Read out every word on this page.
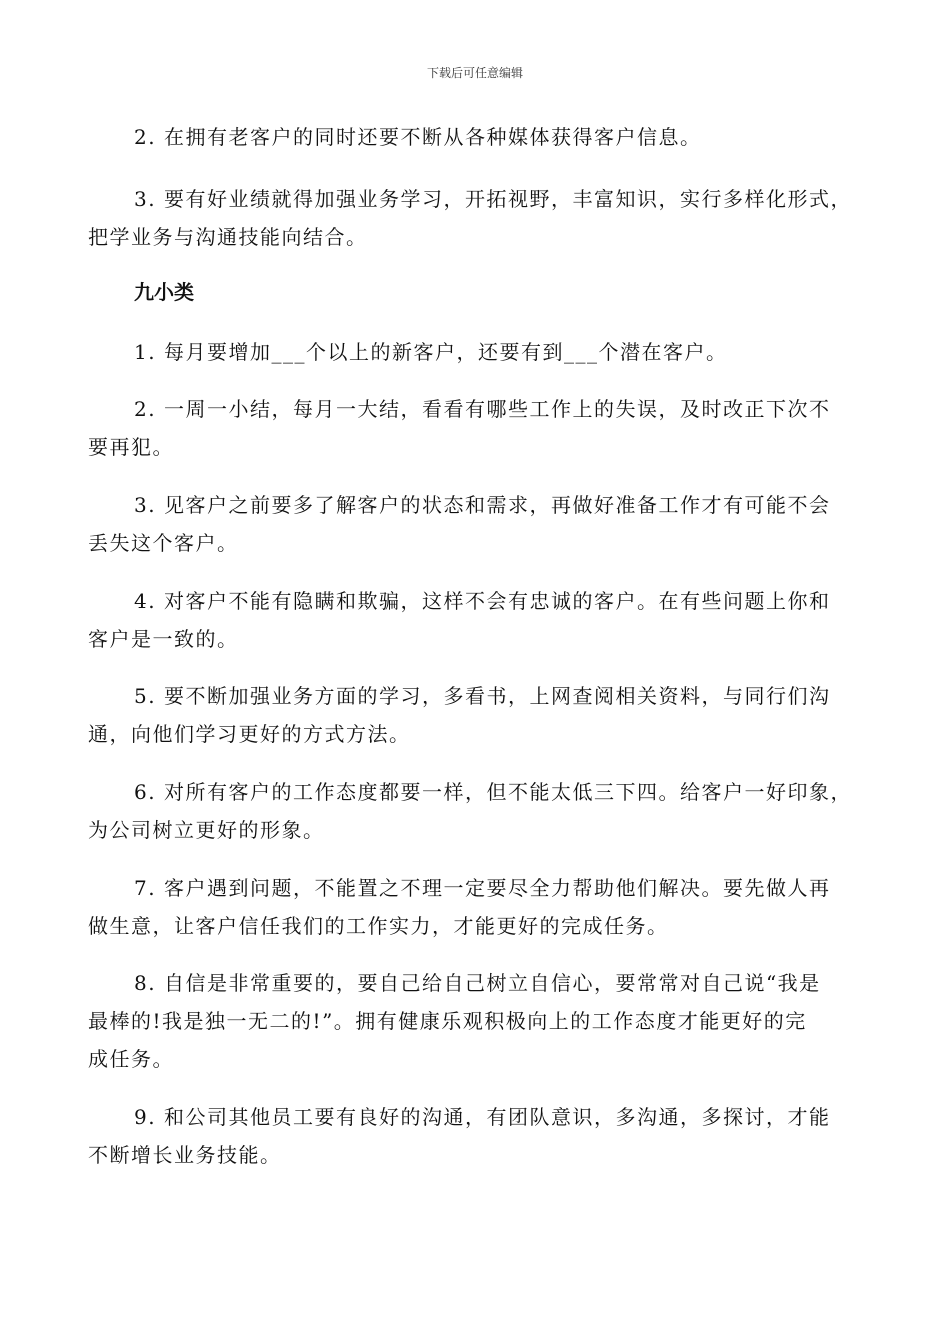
下载后可任意编辑
2. 在拥有老客户的同时还要不断从各种媒体获得客户信息。
3. 要有好业绩就得加强业务学习，开拓视野，丰富知识，实行多样化形式，
把学业务与沟通技能向结合。
九小类
1. 每月要增加___个以上的新客户，还要有到___个潜在客户。
2. 一周一小结，每月一大结，看看有哪些工作上的失误，及时改正下次不
要再犯。
3. 见客户之前要多了解客户的状态和需求，再做好准备工作才有可能不会
丢失这个客户。
4. 对客户不能有隐瞒和欺骗，这样不会有忠诚的客户。在有些问题上你和
客户是一致的。
5. 要不断加强业务方面的学习，多看书，上网查阅相关资料，与同行们沟
通，向他们学习更好的方式方法。
6. 对所有客户的工作态度都要一样，但不能太低三下四。给客户一好印象，
为公司树立更好的形象。
7. 客户遇到问题，不能置之不理一定要尽全力帮助他们解决。要先做人再
做生意，让客户信任我们的工作实力，才能更好的完成任务。
8. 自信是非常重要的，要自己给自己树立自信心，要常常对自己说“我是
最棒的!我是独一无二的!”。拥有健康乐观积极向上的工作态度才能更好的完
成任务。
9. 和公司其他员工要有良好的沟通，有团队意识，多沟通，多探讨，才能
不断增长业务技能。
